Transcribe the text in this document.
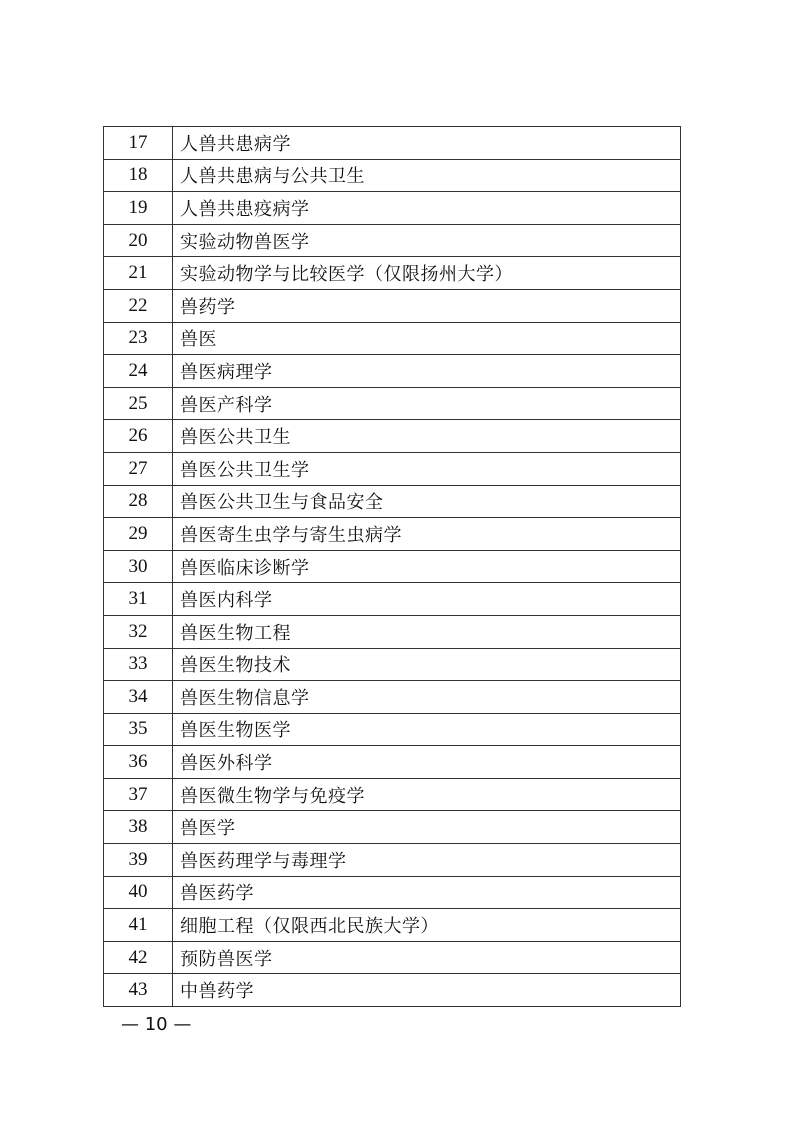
17	人兽共患病学
18	人兽共患病与公共卫生
19	人兽共患疫病学
20	实验动物兽医学
21	实验动物学与比较医学（仅限扬州大学）
22	兽药学
23	兽医
24	兽医病理学
25	兽医产科学
26	兽医公共卫生
27	兽医公共卫生学
28	兽医公共卫生与食品安全
29	兽医寄生虫学与寄生虫病学
30	兽医临床诊断学
31	兽医内科学
32	兽医生物工程
33	兽医生物技术
34	兽医生物信息学
35	兽医生物医学
36	兽医外科学
37	兽医微生物学与免疫学
38	兽医学
39	兽医药理学与毒理学
40	兽医药学
41	细胞工程（仅限西北民族大学）
42	预防兽医学
43	中兽药学
— 10 —
